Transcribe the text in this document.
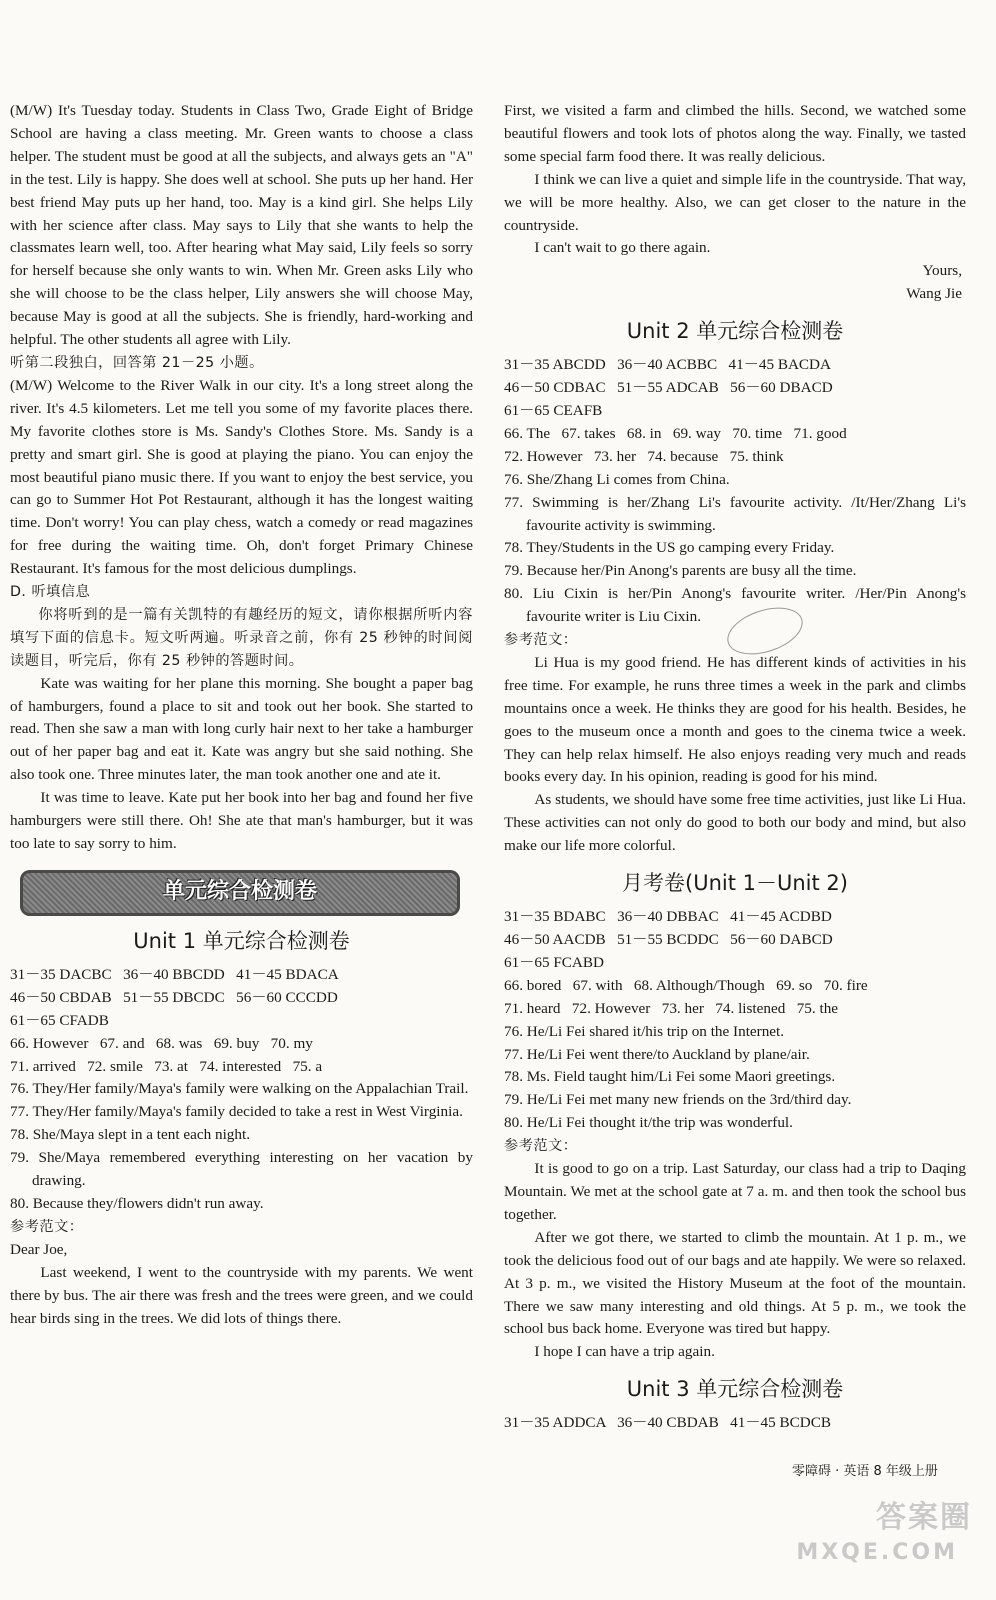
(M/W) It's Tuesday today. Students in Class Two, Grade Eight of Bridge School are having a class meeting. Mr. Green wants to choose a class helper. The student must be good at all the subjects, and always gets an "A" in the test. Lily is happy. She does well at school. She puts up her hand. Her best friend May puts up her hand, too. May is a kind girl. She helps Lily with her science after class. May says to Lily that she wants to help the classmates learn well, too. After hearing what May said, Lily feels so sorry for herself because she only wants to win. When Mr. Green asks Lily who she will choose to be the class helper, Lily answers she will choose May, because May is good at all the subjects. She is friendly, hard-working and helpful. The other students all agree with Lily.

听第二段独白，回答第 21－25 小题。

(M/W) Welcome to the River Walk in our city. It's a long street along the river. It's 4.5 kilometers. Let me tell you some of my favorite places there. My favorite clothes store is Ms. Sandy's Clothes Store. Ms. Sandy is a pretty and smart girl. She is good at playing the piano. You can enjoy the most beautiful piano music there. If you want to enjoy the best service, you can go to Summer Hot Pot Restaurant, although it has the longest waiting time. Don't worry! You can play chess, watch a comedy or read magazines for free during the waiting time. Oh, don't forget Primary Chinese Restaurant. It's famous for the most delicious dumplings.

D. 听填信息

你将听到的是一篇有关凯特的有趣经历的短文，请你根据所听内容填写下面的信息卡。短文听两遍。听录音之前，你有 25 秒钟的时间阅读题目，听完后，你有 25 秒钟的答题时间。

Kate was waiting for her plane this morning. She bought a paper bag of hamburgers, found a place to sit and took out her book. She started to read. Then she saw a man with long curly hair next to her take a hamburger out of her paper bag and eat it. Kate was angry but she said nothing. She also took one. Three minutes later, the man took another one and ate it.

It was time to leave. Kate put her book into her bag and found her five hamburgers were still there. Oh! She ate that man's hamburger, but it was too late to say sorry to him.

单元综合检测卷
Unit 1 单元综合检测卷
31－35 DACBC   36－40 BBCDD   41－45 BDACA
46－50 CBDAB   51－55 DBCDC   56－60 CCCDD
61－65 CFADB
66. However   67. and   68. was   69. buy   70. my
71. arrived   72. smile   73. at   74. interested   75. a
76. They/Her family/Maya's family were walking on the Appalachian Trail.
77. They/Her family/Maya's family decided to take a rest in West Virginia.
78. She/Maya slept in a tent each night.
79. She/Maya remembered everything interesting on her vacation by drawing.
80. Because they/flowers didn't run away.
参考范文：
Dear Joe,

Last weekend, I went to the countryside with my parents. We went there by bus. The air there was fresh and the trees were green, and we could hear birds sing in the trees. We did lots of things there.

First, we visited a farm and climbed the hills. Second, we watched some beautiful flowers and took lots of photos along the way. Finally, we tasted some special farm food there. It was really delicious.

I think we can live a quiet and simple life in the countryside. That way, we will be more healthy. Also, we can get closer to the nature in the countryside.

I can't wait to go there again.

Yours,
Wang Jie
Unit 2 单元综合检测卷
31－35 ABCDD   36－40 ACBBC   41－45 BACDA
46－50 CDBAC   51－55 ADCAB   56－60 DBACD
61－65 CEAFB
66. The   67. takes   68. in   69. way   70. time   71. good
72. However   73. her   74. because   75. think
76. She/Zhang Li comes from China.
77. Swimming is her/Zhang Li's favourite activity. /It/Her/Zhang Li's favourite activity is swimming.
78. They/Students in the US go camping every Friday.
79. Because her/Pin Anong's parents are busy all the time.
80. Liu Cixin is her/Pin Anong's favourite writer. /Her/Pin Anong's favourite writer is Liu Cixin.
参考范文：

Li Hua is my good friend. He has different kinds of activities in his free time. For example, he runs three times a week in the park and climbs mountains once a week. He thinks they are good for his health. Besides, he goes to the museum once a month and goes to the cinema twice a week. They can help relax himself. He also enjoys reading very much and reads books every day. In his opinion, reading is good for his mind.

As students, we should have some free time activities, just like Li Hua. These activities can not only do good to both our body and mind, but also make our life more colorful.

月考卷(Unit 1－Unit 2)
31－35 BDABC   36－40 DBBAC   41－45 ACDBD
46－50 AACDB   51－55 BCDDC   56－60 DABCD
61－65 FCABD
66. bored   67. with   68. Although/Though   69. so   70. fire
71. heard   72. However   73. her   74. listened   75. the
76. He/Li Fei shared it/his trip on the Internet.
77. He/Li Fei went there/to Auckland by plane/air.
78. Ms. Field taught him/Li Fei some Maori greetings.
79. He/Li Fei met many new friends on the 3rd/third day.
80. He/Li Fei thought it/the trip was wonderful.
参考范文：

It is good to go on a trip. Last Saturday, our class had a trip to Daqing Mountain. We met at the school gate at 7 a. m. and then took the school bus together.

After we got there, we started to climb the mountain. At 1 p. m., we took the delicious food out of our bags and ate happily. We were so relaxed. At 3 p. m., we visited the History Museum at the foot of the mountain. There we saw many interesting and old things. At 5 p. m., we took the school bus back home. Everyone was tired but happy.

I hope I can have a trip again.

Unit 3 单元综合检测卷
31－35 ADDCA   36－40 CBDAB   41－45 BCDCB
零障碍 · 英语 8 年级上册
答案圈
MXQE.COM
